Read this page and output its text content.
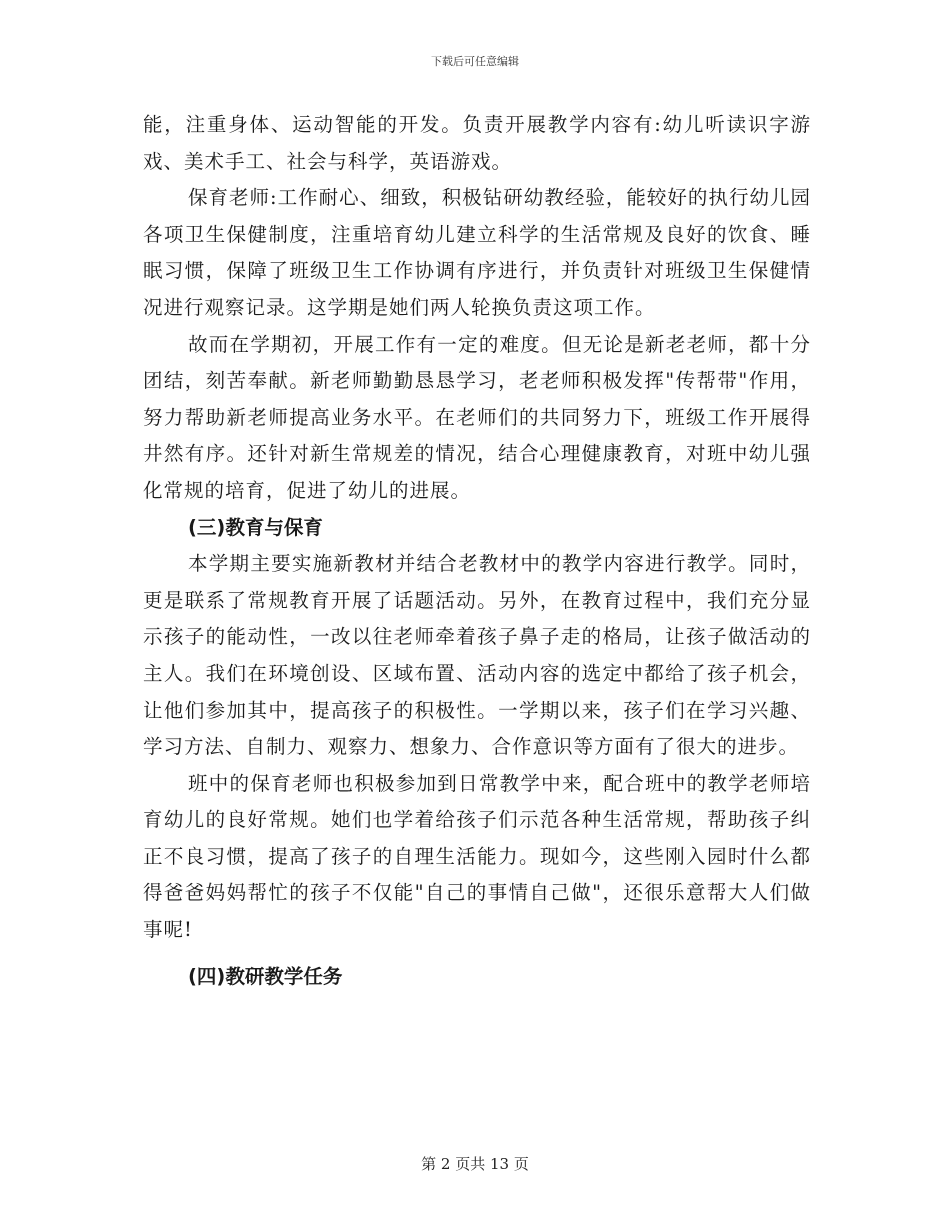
下载后可任意编辑

能，注重身体、运动智能的开发。负责开展教学内容有:幼儿听读识字游戏、美术手工、社会与科学，英语游戏。

保育老师:工作耐心、细致，积极钻研幼教经验，能较好的执行幼儿园各项卫生保健制度，注重培育幼儿建立科学的生活常规及良好的饮食、睡眠习惯，保障了班级卫生工作协调有序进行，并负责针对班级卫生保健情况进行观察记录。这学期是她们两人轮换负责这项工作。

故而在学期初，开展工作有一定的难度。但无论是新老老师，都十分团结，刻苦奉献。新老师勤勤恳恳学习，老老师积极发挥"传帮带"作用，努力帮助新老师提高业务水平。在老师们的共同努力下，班级工作开展得井然有序。还针对新生常规差的情况，结合心理健康教育，对班中幼儿强化常规的培育，促进了幼儿的进展。

(三)教育与保育

本学期主要实施新教材并结合老教材中的教学内容进行教学。同时，更是联系了常规教育开展了话题活动。另外，在教育过程中，我们充分显示孩子的能动性，一改以往老师牵着孩子鼻子走的格局，让孩子做活动的主人。我们在环境创设、区域布置、活动内容的选定中都给了孩子机会，让他们参加其中，提高孩子的积极性。一学期以来，孩子们在学习兴趣、学习方法、自制力、观察力、想象力、合作意识等方面有了很大的进步。

班中的保育老师也积极参加到日常教学中来，配合班中的教学老师培育幼儿的良好常规。她们也学着给孩子们示范各种生活常规，帮助孩子纠正不良习惯，提高了孩子的自理生活能力。现如今，这些刚入园时什么都得爸爸妈妈帮忙的孩子不仅能"自己的事情自己做"，还很乐意帮大人们做事呢!

(四)教研教学任务

第 2 页共 13 页
